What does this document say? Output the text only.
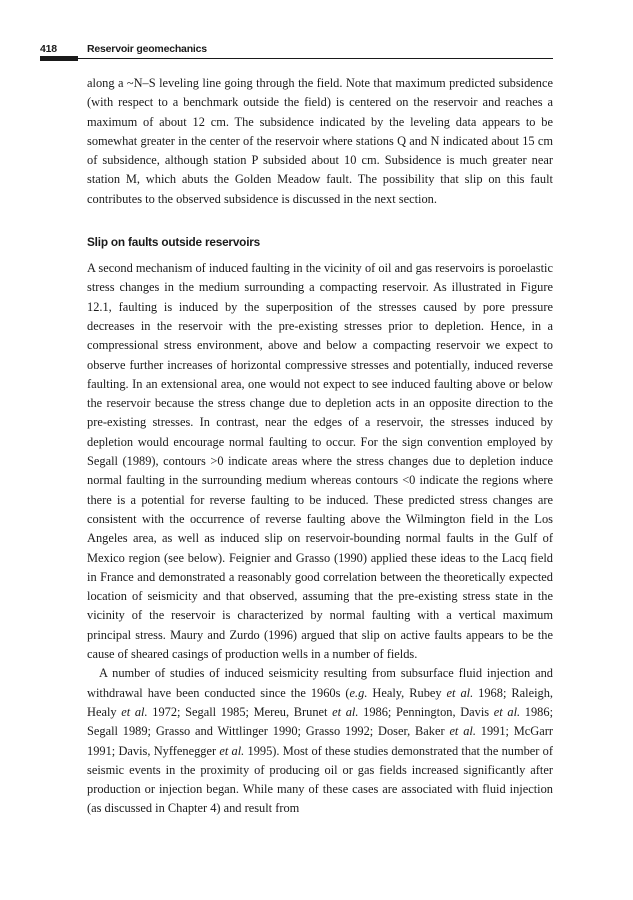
418	Reservoir geomechanics

along a ~N–S leveling line going through the field. Note that maximum predicted subsidence (with respect to a benchmark outside the field) is centered on the reservoir and reaches a maximum of about 12 cm. The subsidence indicated by the leveling data appears to be somewhat greater in the center of the reservoir where stations Q and N indicated about 15 cm of subsidence, although station P subsided about 10 cm. Subsidence is much greater near station M, which abuts the Golden Meadow fault. The possibility that slip on this fault contributes to the observed subsidence is discussed in the next section.

Slip on faults outside reservoirs

A second mechanism of induced faulting in the vicinity of oil and gas reservoirs is poroelastic stress changes in the medium surrounding a compacting reservoir. As illustrated in Figure 12.1, faulting is induced by the superposition of the stresses caused by pore pressure decreases in the reservoir with the pre-existing stresses prior to depletion. Hence, in a compressional stress environment, above and below a compacting reservoir we expect to observe further increases of horizontal compressive stresses and potentially, induced reverse faulting. In an extensional area, one would not expect to see induced faulting above or below the reservoir because the stress change due to depletion acts in an opposite direction to the pre-existing stresses. In contrast, near the edges of a reservoir, the stresses induced by depletion would encourage normal faulting to occur. For the sign convention employed by Segall (1989), contours >0 indicate areas where the stress changes due to depletion induce normal faulting in the surrounding medium whereas contours <0 indicate the regions where there is a potential for reverse faulting to be induced. These predicted stress changes are consistent with the occurrence of reverse faulting above the Wilmington field in the Los Angeles area, as well as induced slip on reservoir-bounding normal faults in the Gulf of Mexico region (see below). Feignier and Grasso (1990) applied these ideas to the Lacq field in France and demonstrated a reasonably good correlation between the theoretically expected location of seismicity and that observed, assuming that the pre-existing stress state in the vicinity of the reservoir is characterized by normal faulting with a vertical maximum principal stress. Maury and Zurdo (1996) argued that slip on active faults appears to be the cause of sheared casings of production wells in a number of fields.

A number of studies of induced seismicity resulting from subsurface fluid injection and withdrawal have been conducted since the 1960s (e.g. Healy, Rubey et al. 1968; Raleigh, Healy et al. 1972; Segall 1985; Mereu, Brunet et al. 1986; Pennington, Davis et al. 1986; Segall 1989; Grasso and Wittlinger 1990; Grasso 1992; Doser, Baker et al. 1991; McGarr 1991; Davis, Nyffenegger et al. 1995). Most of these studies demonstrated that the number of seismic events in the proximity of producing oil or gas fields increased significantly after production or injection began. While many of these cases are associated with fluid injection (as discussed in Chapter 4) and result from
